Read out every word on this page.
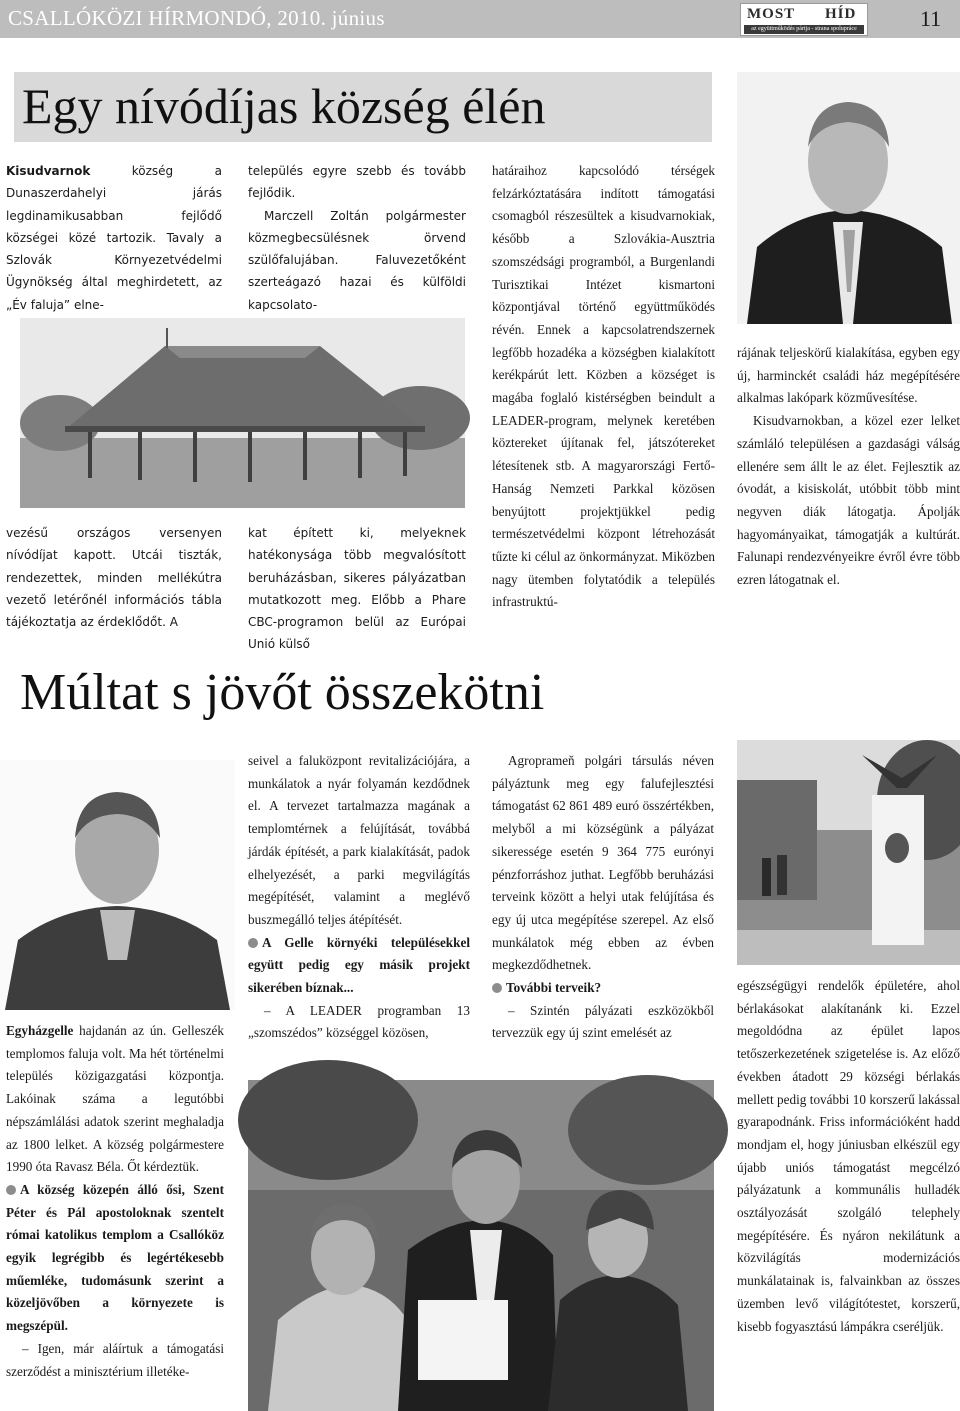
CSALLÓKÖZI HÍRMONDÓ, 2010. június	MOST HÍD
az együttműködés pártja - strana spolupráce	11
Egy nívódíjas község élén
Kisudvarnok község a Dunaszerdahelyi járás legdinamikusabban fejlődő községei közé tartozik. Tavaly a Szlovák Környezetvédelmi Ügynökség által meghirdetett, az „Év faluja” elne-
vezésű országos versenyen nívódíjat kapott. Utcái tiszták, rendezettek, minden mellékútra vezető letérőnél információs tábla tájékoztatja az érdeklődőt. A

település egyre szebb és tovább fejlődik.

Marczell Zoltán polgármester közmegbecsülésnek örvend szülőfalujában. Faluvezetőként szerteágazó hazai és külföldi kapcsolato-

kat épített ki, melyeknek hatékonysága több megvalósított beruházásban, sikeres pályázatban mutatkozott meg. Előbb a Phare CBC-programon belül az Európai Unió külső
határaihoz kapcsolódó térségek felzárkóztatására indított támogatási csomagból részesültek a kisudvarnokiak, később a Szlovákia-Ausztria szomszédsági programból, a Burgenlandi Turisztikai Intézet kismartoni központjával történő együttműködés révén. Ennek a kapcsolatrendszernek legfőbb hozadéka a községben kialakított kerékpárút lett. Közben a községet is magába foglaló kistérségben beindult a LEADER-program, melynek keretében köztereket újítanak fel, játszótereket létesítenek stb. A magyarországi Fertő-Hanság Nemzeti Parkkal közösen benyújtott projektjükkel pedig természetvédelmi központ létrehozását tűzte ki célul az önkormányzat. Miközben nagy ütemben folytatódik a település infrastruktú-

rájának teljeskörű kialakítása, egyben egy új, harminckét családi ház megépítésére alkalmas lakópark közművesítése.

Kisudvarnokban, a közel ezer lelket számláló településen a gazdasági válság ellenére sem állt le az élet. Fejlesztik az óvodát, a kisiskolát, utóbbit több mint negyven diák látogatja. Ápolják hagyományaikat, támogatják a kultúrát. Falunapi rendezvényeikre évről évre több ezren látogatnak el.

Múltat s jövőt összekötni

Egyházgelle hajdanán az ún. Gelleszék templomos faluja volt. Ma hét történelmi település közigazgatási központja. Lakóinak száma a legutóbbi népszámlálási adatok szerint meghaladja az 1800 lelket. A község polgármestere 1990 óta Ravasz Béla. Őt kérdeztük.

A község közepén álló ősi, Szent Péter és Pál apostoloknak szentelt római katolikus templom a Csallóköz egyik legrégibb és legértékesebb műemléke, tudomásunk szerint a közeljövőben a környezete is megszépül.

– Igen, már aláírtuk a támogatási szerződést a minisztérium illetéke-

seivel a faluközpont revitalizációjára, a munkálatok a nyár folyamán kezdődnek el. A tervezet tartalmazza magának a templomtérnek a felújítását, továbbá járdák építését, a park kialakítását, padok elhelyezését, a parki megvilágítás megépítését, valamint a meglévő buszmegálló teljes átépítését.

A Gelle környéki településekkel együtt pedig egy másik projekt sikerében bíznak...

– A LEADER programban 13 „szomszédos” községgel közösen,

Agroprameň polgári társulás néven pályáztunk meg egy falufejlesztési támogatást 62 861 489 euró összértékben, melyből a mi községünk a pályázat sikeressége esetén 9 364 775 eurónyi pénzforráshoz juthat. Legfőbb beruházási terveink között a helyi utak felújítása és egy új utca megépítése szerepel. Az első munkálatok még ebben az évben megkezdődhetnek.

További terveik?

– Szintén pályázati eszközökből tervezzük egy új szint emelését az

egészségügyi rendelők épületére, ahol bérlakásokat alakítanánk ki. Ezzel megoldódna az épület lapos tetőszerkezetének szigetelése is. Az előző években átadott 29 községi bérlakás mellett pedig további 10 korszerű lakással gyarapodnánk. Friss információként hadd mondjam el, hogy júniusban elkészül egy újabb uniós támogatást megcélzó pályázatunk a kommunális hulladék osztályozását szolgáló telephely megépítésére. És nyáron nekilátunk a közvilágítás modernizációs munkálatainak is, falvainkban az összes üzemben levő világítótestet, korszerű, kisebb fogyasztású lámpákra cseréljük.
